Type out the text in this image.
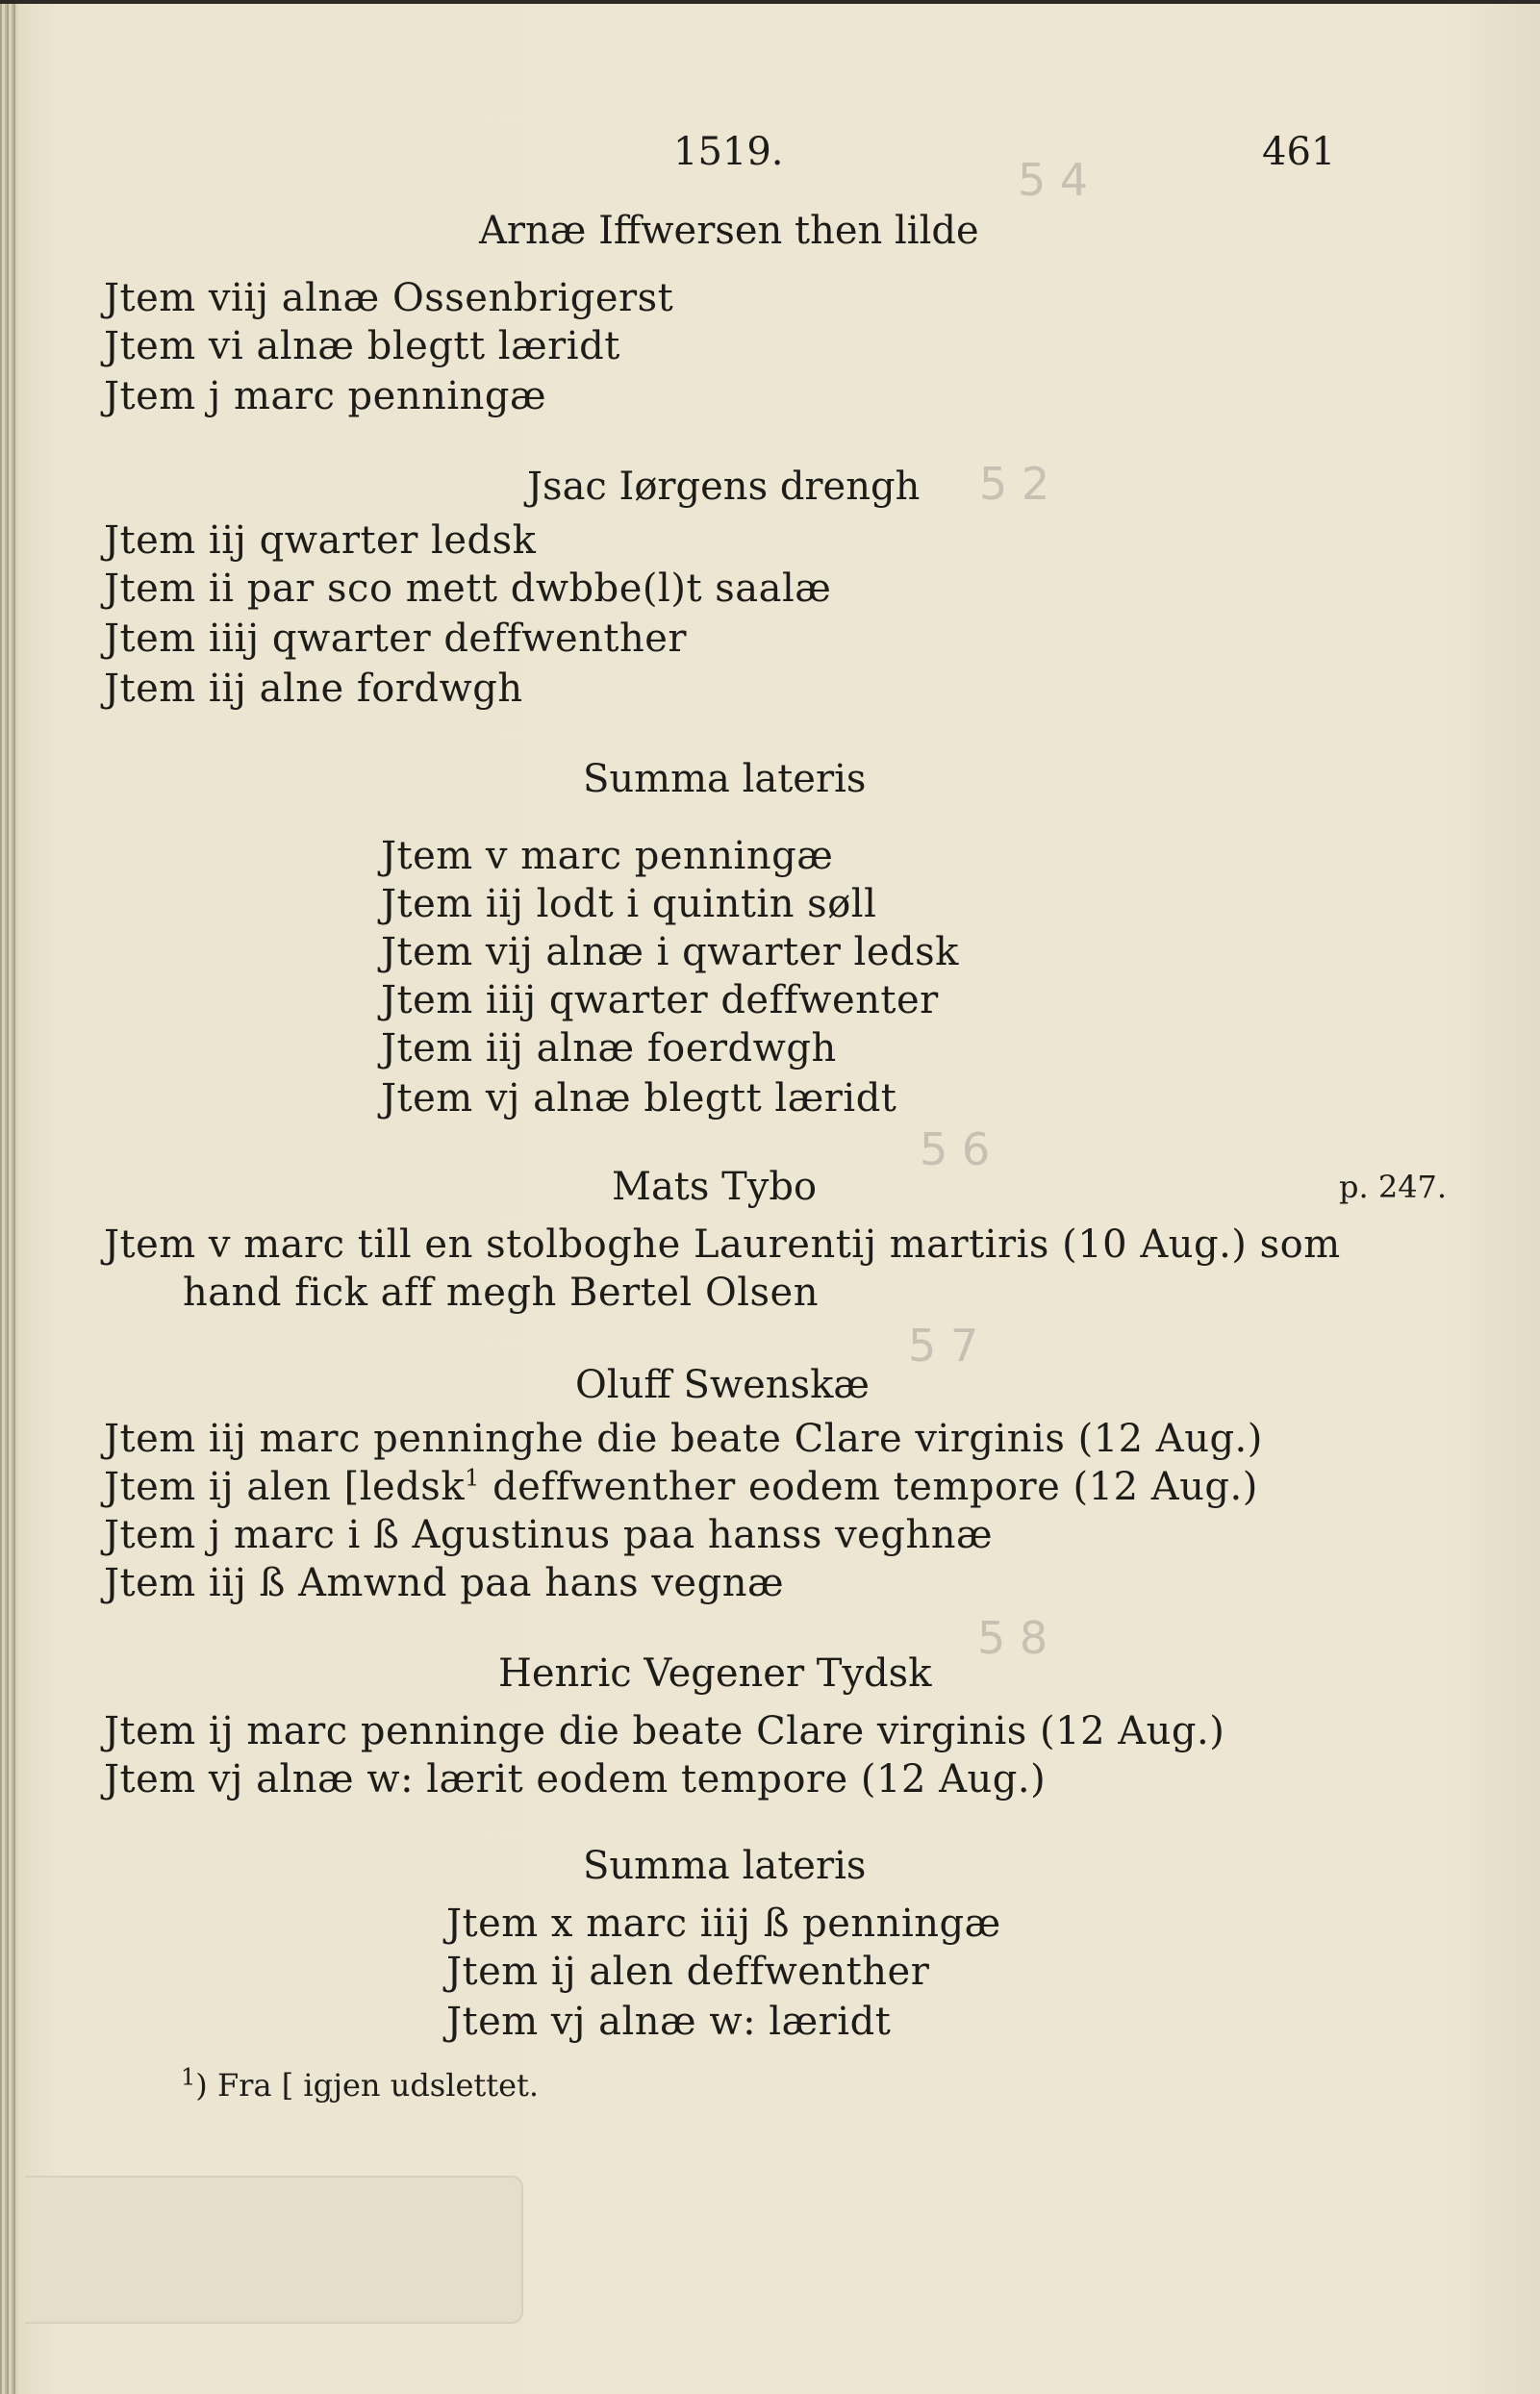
1519.	461
5 4
5 2
5 6
5 7
5 8
Arnæ Iffwersen then lilde
Jtem viij alnæ Ossenbrigerst
Jtem vi alnæ blegtt læridt
Jtem j marc penningæ
Jsac Iørgens drengh
Jtem iij qwarter ledsk
Jtem ii par sco mett dwbbe(l)t saalæ
Jtem iiij qwarter deffwenther
Jtem iij alne fordwgh
Summa lateris
Jtem v marc penningæ
Jtem iij lodt i quintin søll
Jtem vij alnæ i qwarter ledsk
Jtem iiij qwarter deffwenter
Jtem iij alnæ foerdwgh
Jtem vj alnæ blegtt læridt
Mats Tybo	p. 247.
Jtem v marc till en stolboghe Laurentij martiris (10 Aug.) som
hand fick aff megh Bertel Olsen
Oluff Swenskæ
Jtem iij marc penninghe die beate Clare virginis (12 Aug.)
Jtem ij alen [ledsk$^1$ deffwenther eodem tempore (12 Aug.)
Jtem j marc i ß Agustinus paa hanss veghnæ
Jtem iij ß Amwnd paa hans vegnæ
Henric Vegener Tydsk
Jtem ij marc penninge die beate Clare virginis (12 Aug.)
Jtem vj alnæ w: lærit eodem tempore (12 Aug.)
Summa lateris
Jtem x marc iiij ß penningæ
Jtem ij alen deffwenther
Jtem vj alnæ w: læridt
$^1$) Fra [ igjen udslettet.
